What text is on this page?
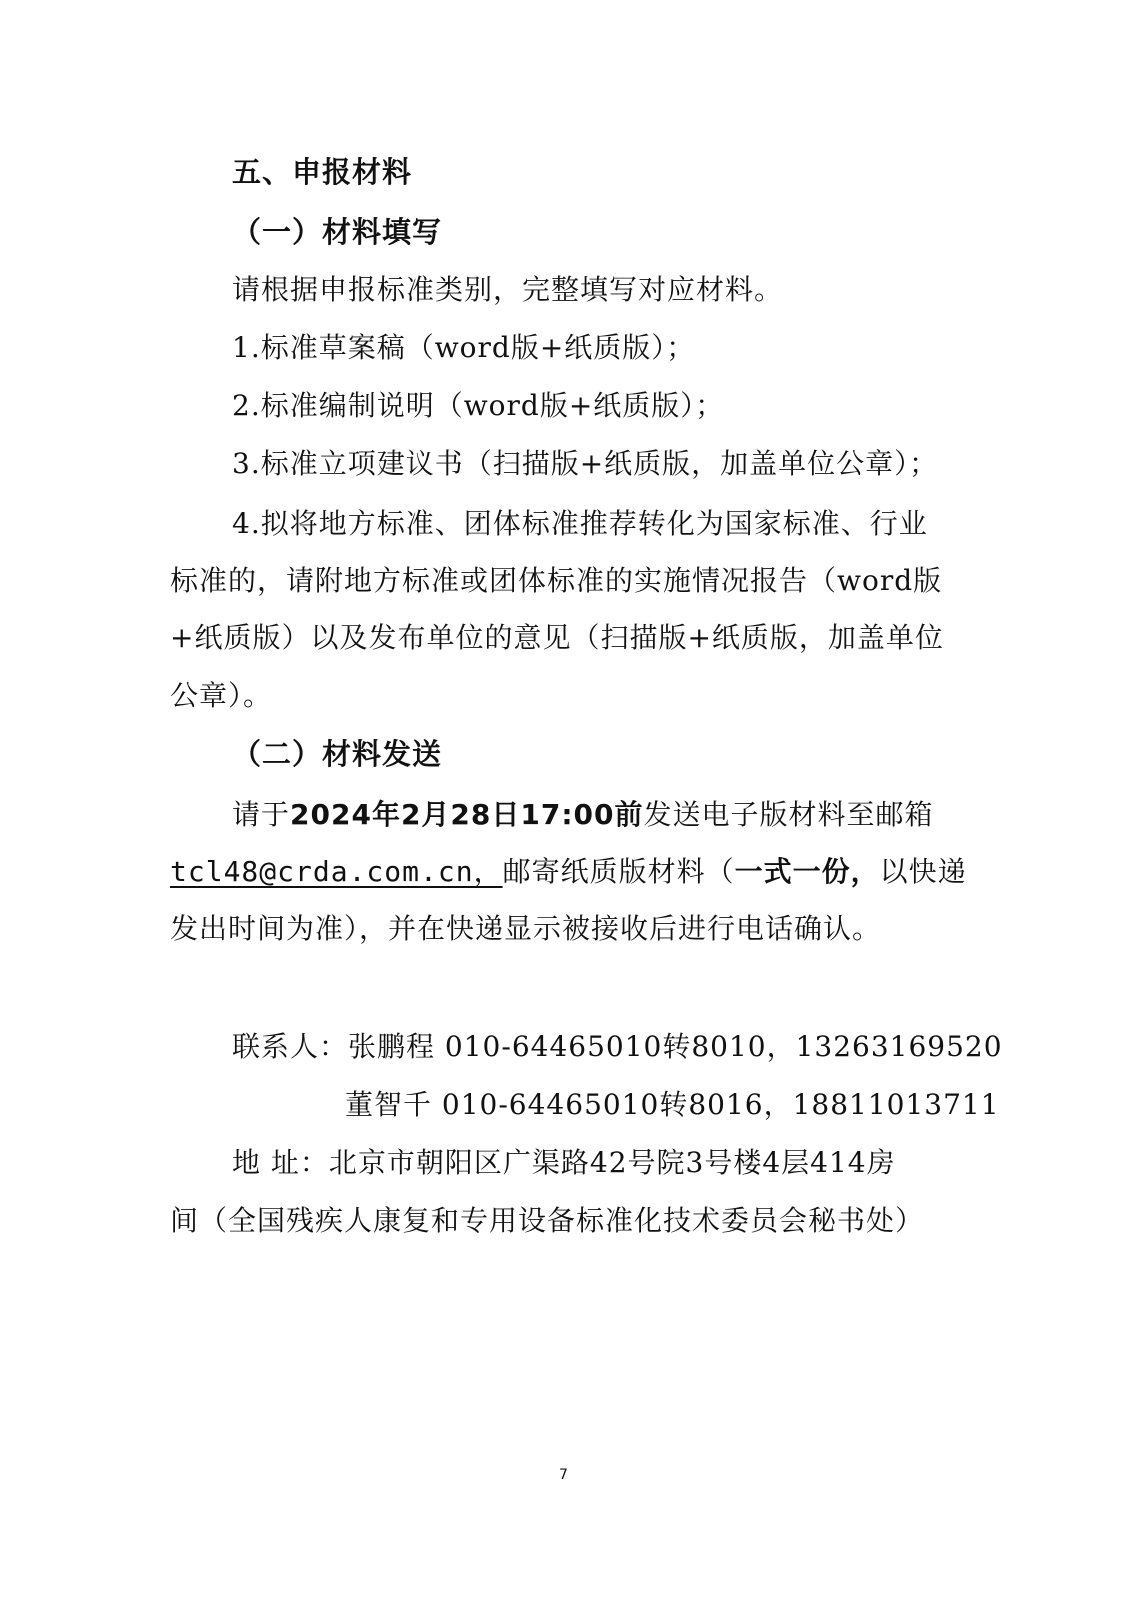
五、申报材料
（一）材料填写
请根据申报标准类别，完整填写对应材料。
1.标准草案稿（word版+纸质版）；
2.标准编制说明（word版+纸质版）；
3.标准立项建议书（扫描版+纸质版，加盖单位公章）；
4.拟将地方标准、团体标准推荐转化为国家标准、行业
标准的，请附地方标准或团体标准的实施情况报告（word版
+纸质版）以及发布单位的意见（扫描版+纸质版，加盖单位
公章）。
（二）材料发送
请于2024年2月28日17:00前发送电子版材料至邮箱
tcl48@crda.com.cn，邮寄纸质版材料（一式一份，以快递
发出时间为准），并在快递显示被接收后进行电话确认。
联系人：张鹏程 010-64465010转8010，13263169520
董智千 010-64465010转8016，18811013711
地 址：北京市朝阳区广渠路42号院3号楼4层414房
间（全国残疾人康复和专用设备标准化技术委员会秘书处）
7
